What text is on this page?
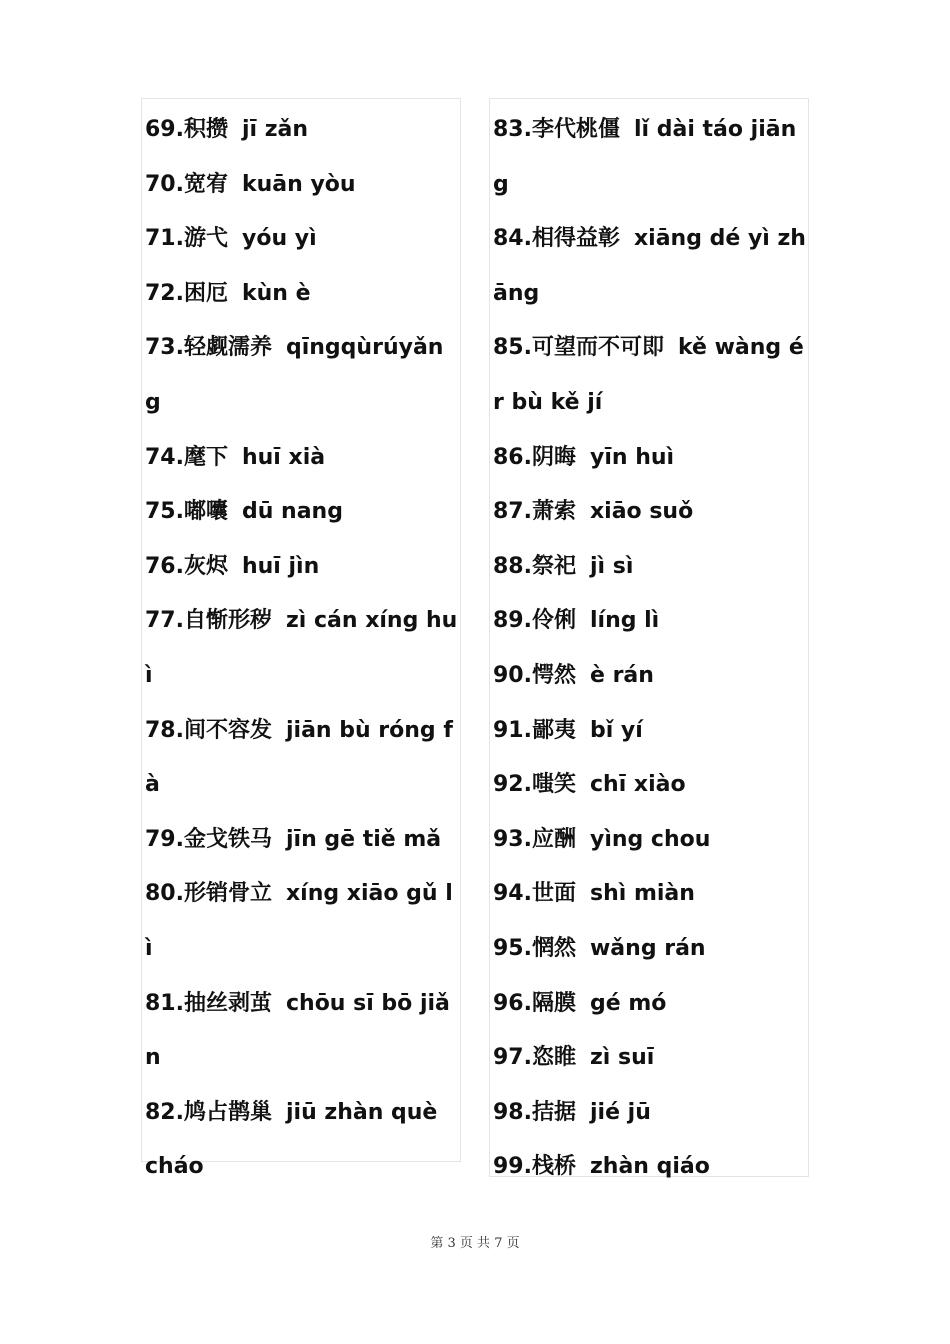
69.积攒 jī zǎn
70.宽宥 kuān yòu
71.游弋 yóu yì
72.困厄 kùn è
73.轻觑濡养 qīngqùrúyǎng
74.麾下 huī xià
75.嘟囔 dū nang
76.灰烬 huī jìn
77.自惭形秽 zì cán xíng huì
78.间不容发 jiān bù róng fà
79.金戈铁马 jīn gē tiě mǎ
80.形销骨立 xíng xiāo gǔ lì
81.抽丝剥茧 chōu sī bō jiǎn
82.鸠占鹊巢 jiū zhàn què cháo
83.李代桃僵 lǐ dài táo jiāng
84.相得益彰 xiāng dé yì zhāng
85.可望而不可即 kě wàng ér bù kě jí
86.阴晦 yīn huì
87.萧索 xiāo suǒ
88.祭祀 jì sì
89.伶俐 líng lì
90.愕然 è rán
91.鄙夷 bǐ yí
92.嗤笑 chī xiào
93.应酬 yìng chou
94.世面 shì miàn
95.惘然 wǎng rán
96.隔膜 gé mó
97.恣睢 zì suī
98.拮据 jié jū
99.栈桥 zhàn qiáo
第 3 页 共 7 页
